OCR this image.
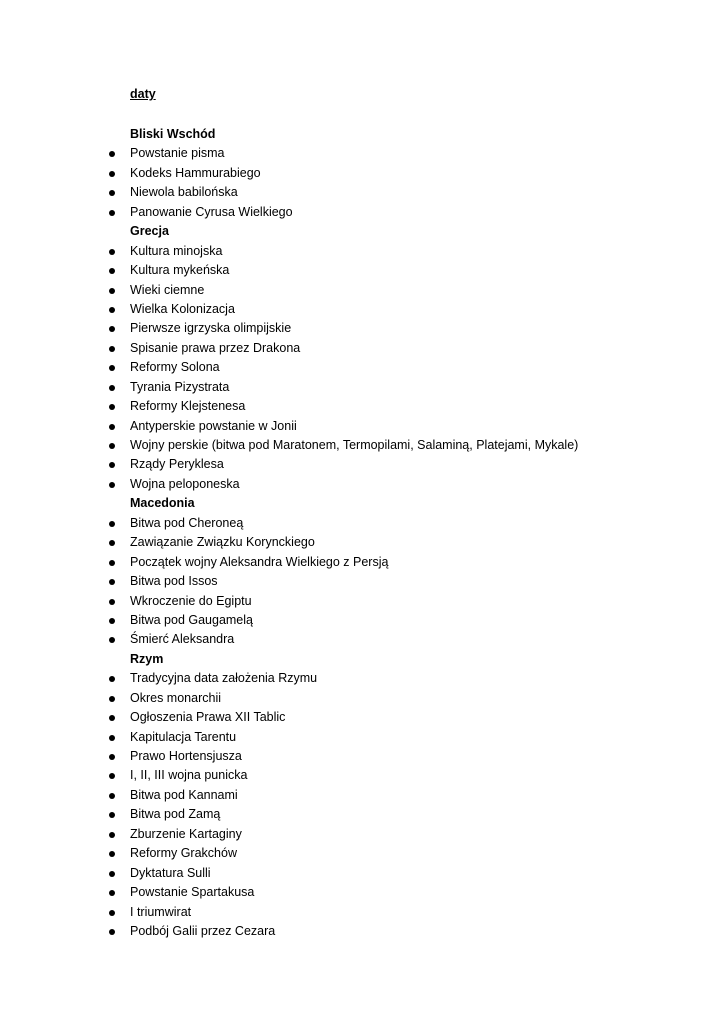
daty
Bliski Wschód
Powstanie pisma
Kodeks Hammurabiego
Niewola babilońska
Panowanie Cyrusa Wielkiego
Grecja
Kultura minojska
Kultura mykeńska
Wieki ciemne
Wielka Kolonizacja
Pierwsze igrzyska olimpijskie
Spisanie prawa przez Drakona
Reformy Solona
Tyrania Pizystrata
Reformy Klejstenesa
Antyperskie powstanie w Jonii
Wojny perskie (bitwa pod Maratonem, Termopilami, Salaminą, Platejami, Mykale)
Rządy Peryklesa
Wojna peloponeska
Macedonia
Bitwa pod Cheroneą
Zawiązanie Związku Korynckiego
Początek wojny Aleksandra Wielkiego z Persją
Bitwa pod Issos
Wkroczenie do Egiptu
Bitwa pod Gaugamelą
Śmierć Aleksandra
Rzym
Tradycyjna data założenia Rzymu
Okres monarchii
Ogłoszenia Prawa XII Tablic
Kapitulacja Tarentu
Prawo Hortensjusza
I, II, III wojna punicka
Bitwa pod Kannami
Bitwa pod Zamą
Zburzenie Kartaginy
Reformy Grakchów
Dyktatura Sulli
Powstanie Spartakusa
I triumwirat
Podbój Galii przez Cezara
